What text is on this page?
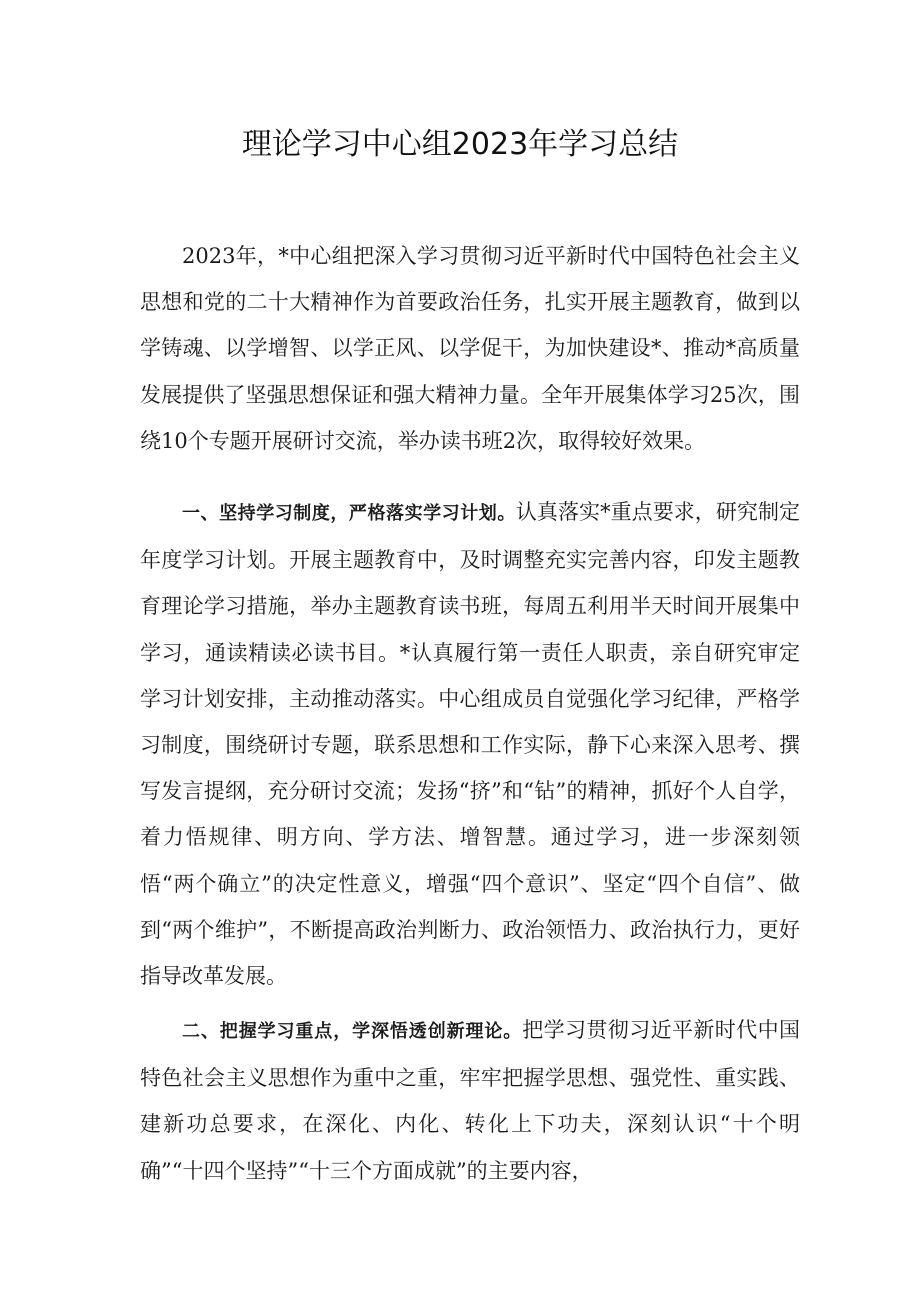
理论学习中心组2023年学习总结

2023年，*中心组把深入学习贯彻习近平新时代中国特色社会主义思想和党的二十大精神作为首要政治任务，扎实开展主题教育，做到以学铸魂、以学增智、以学正风、以学促干，为加快建设*、推动*高质量发展提供了坚强思想保证和强大精神力量。全年开展集体学习25次，围绕10个专题开展研讨交流，举办读书班2次，取得较好效果。

一、坚持学习制度，严格落实学习计划。认真落实*重点要求，研究制定年度学习计划。开展主题教育中，及时调整充实完善内容，印发主题教育理论学习措施，举办主题教育读书班，每周五利用半天时间开展集中学习，通读精读必读书目。*认真履行第一责任人职责，亲自研究审定学习计划安排，主动推动落实。中心组成员自觉强化学习纪律，严格学习制度，围绕研讨专题，联系思想和工作实际，静下心来深入思考、撰写发言提纲，充分研讨交流；发扬“挤”和“钻”的精神，抓好个人自学，着力悟规律、明方向、学方法、增智慧。通过学习，进一步深刻领悟“两个确立”的决定性意义，增强“四个意识”、坚定“四个自信”、做到“两个维护”，不断提高政治判断力、政治领悟力、政治执行力，更好指导改革发展。

二、把握学习重点，学深悟透创新理论。把学习贯彻习近平新时代中国特色社会主义思想作为重中之重，牢牢把握学思想、强党性、重实践、建新功总要求，在深化、内化、转化上下功夫，深刻认识“十个明确”“十四个坚持”“十三个方面成就”的主要内容，
